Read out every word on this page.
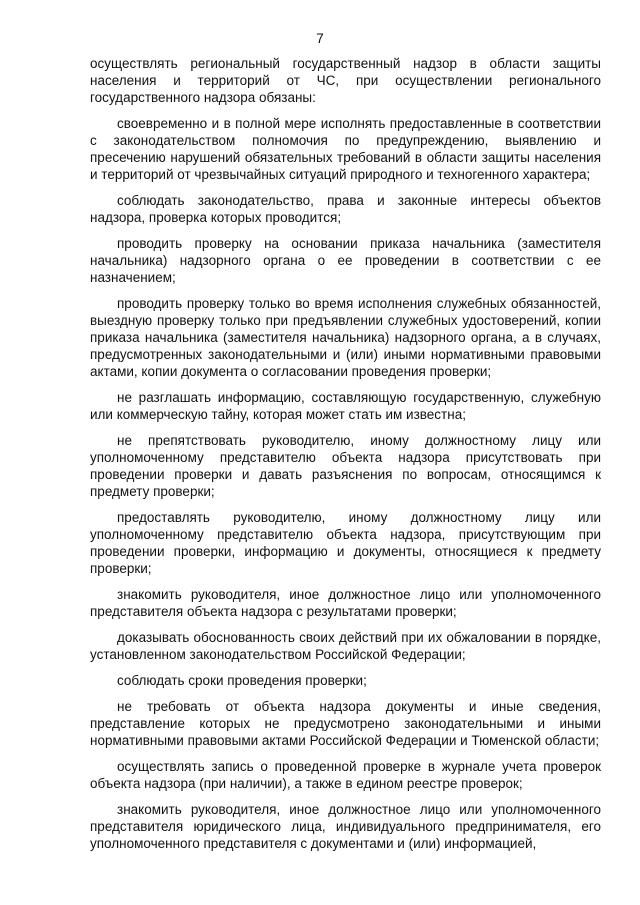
7

осуществлять региональный государственный надзор в области защиты населения и территорий от ЧС, при осуществлении регионального государственного надзора обязаны:

своевременно и в полной мере исполнять предоставленные в соответствии с законодательством полномочия по предупреждению, выявлению и пресечению нарушений обязательных требований в области защиты населения и территорий от чрезвычайных ситуаций природного и техногенного характера;

соблюдать законодательство, права и законные интересы объектов надзора, проверка которых проводится;

проводить проверку на основании приказа начальника (заместителя начальника) надзорного органа о ее проведении в соответствии с ее назначением;

проводить проверку только во время исполнения служебных обязанностей, выездную проверку только при предъявлении служебных удостоверений, копии приказа начальника (заместителя начальника) надзорного органа, а в случаях, предусмотренных законодательными и (или) иными нормативными правовыми актами, копии документа о согласовании проведения проверки;

не разглашать информацию, составляющую государственную, служебную или коммерческую тайну, которая может стать им известна;

не препятствовать руководителю, иному должностному лицу или уполномоченному представителю объекта надзора присутствовать при проведении проверки и давать разъяснения по вопросам, относящимся к предмету проверки;

предоставлять руководителю, иному должностному лицу или уполномоченному представителю объекта надзора, присутствующим при проведении проверки, информацию и документы, относящиеся к предмету проверки;

знакомить руководителя, иное должностное лицо или уполномоченного представителя объекта надзора с результатами проверки;

доказывать обоснованность своих действий при их обжаловании в порядке, установленном законодательством Российской Федерации;

соблюдать сроки проведения проверки;

не требовать от объекта надзора документы и иные сведения, представление которых не предусмотрено законодательными и иными нормативными правовыми актами Российской Федерации и Тюменской области;

осуществлять запись о проведенной проверке в журнале учета проверок объекта надзора (при наличии), а также в едином реестре проверок;

знакомить руководителя, иное должностное лицо или уполномоченного представителя юридического лица, индивидуального предпринимателя, его уполномоченного представителя с документами и (или) информацией,
